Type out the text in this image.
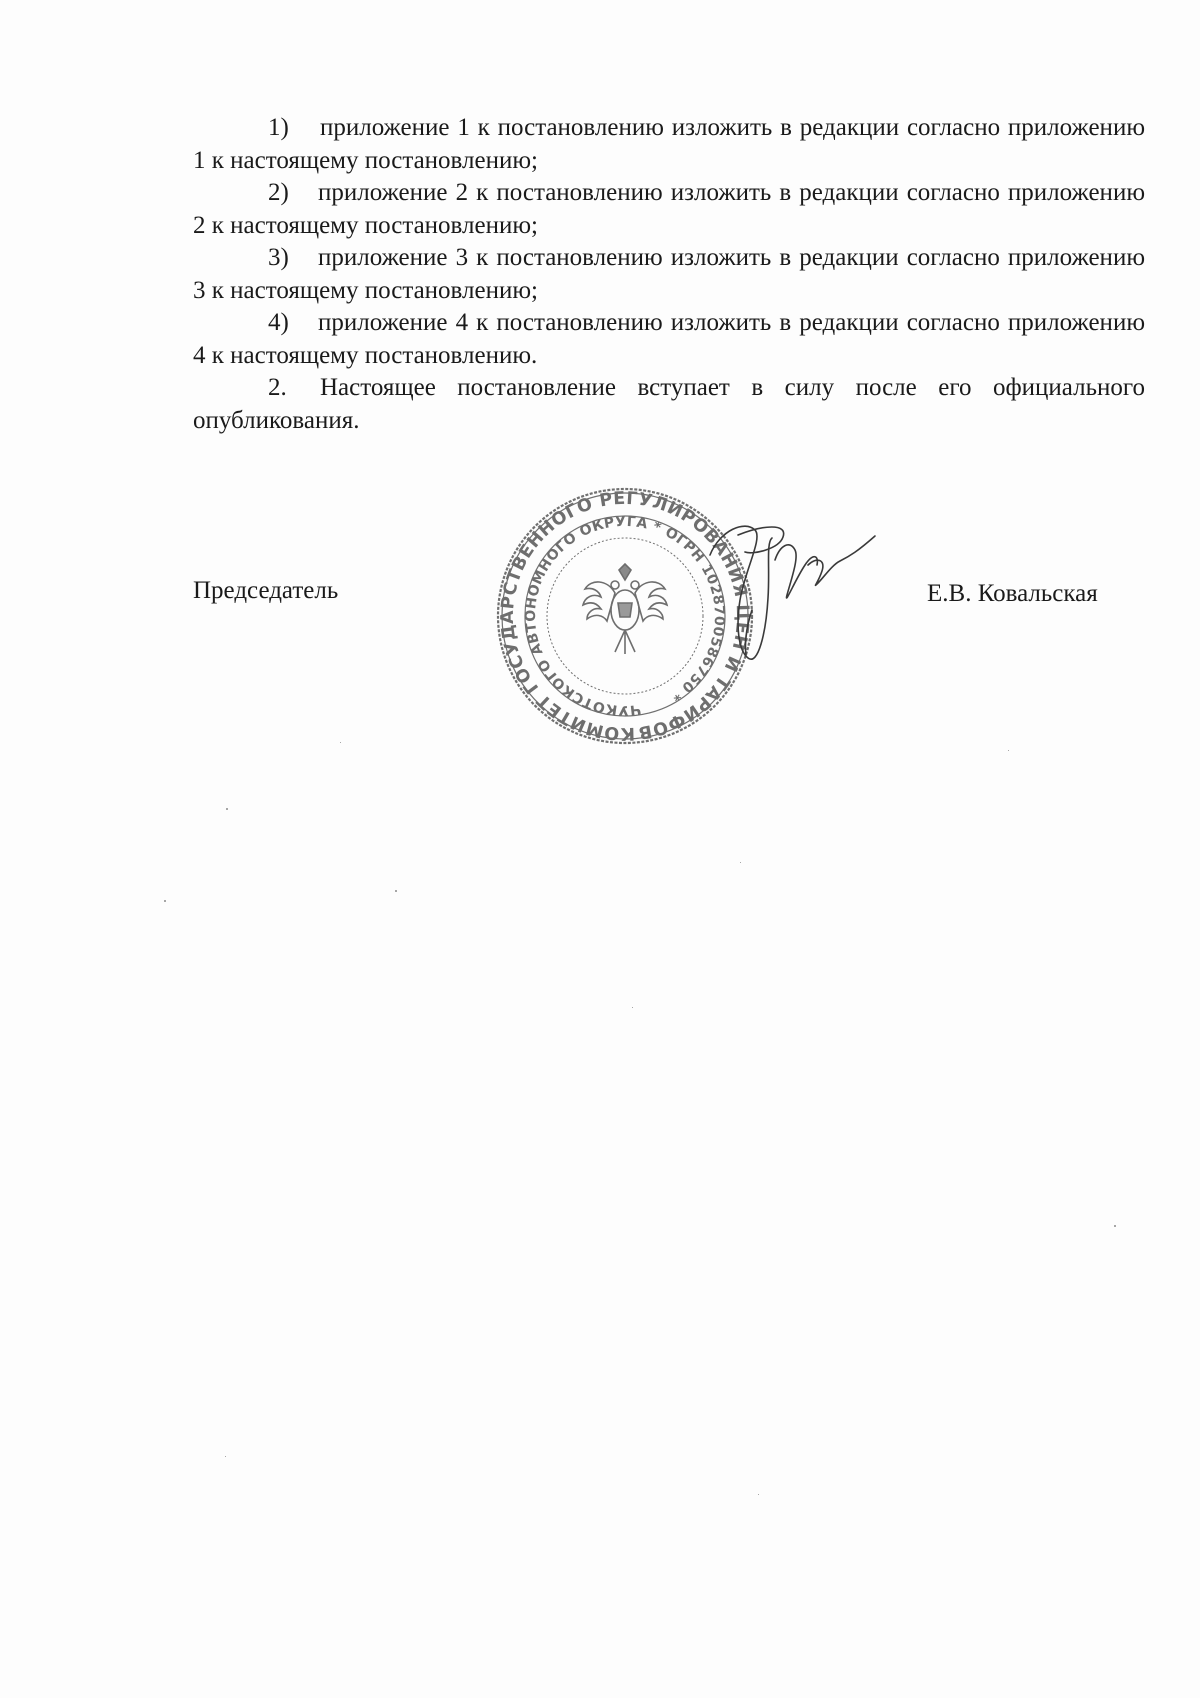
1) приложение 1 к постановлению изложить в редакции согласно приложению 1 к настоящему постановлению;

2) приложение 2 к постановлению изложить в редакции согласно приложению 2 к настоящему постановлению;

3) приложение 3 к постановлению изложить в редакции согласно приложению 3 к настоящему постановлению;

4) приложение 4 к постановлению изложить в редакции согласно приложению 4 к настоящему постановлению.

2. Настоящее постановление вступает в силу после его официального опубликования.

Председатель
КОМИТЕТ ГОСУДАРСТВЕННОГО РЕГУЛИРОВАНИЯ ЦЕН И ТАРИФОВ
ЧУКОТСКОГО АВТОНОМНОГО ОКРУГА * ОГРН 1028700586750 *
Е.В. Ковальская
